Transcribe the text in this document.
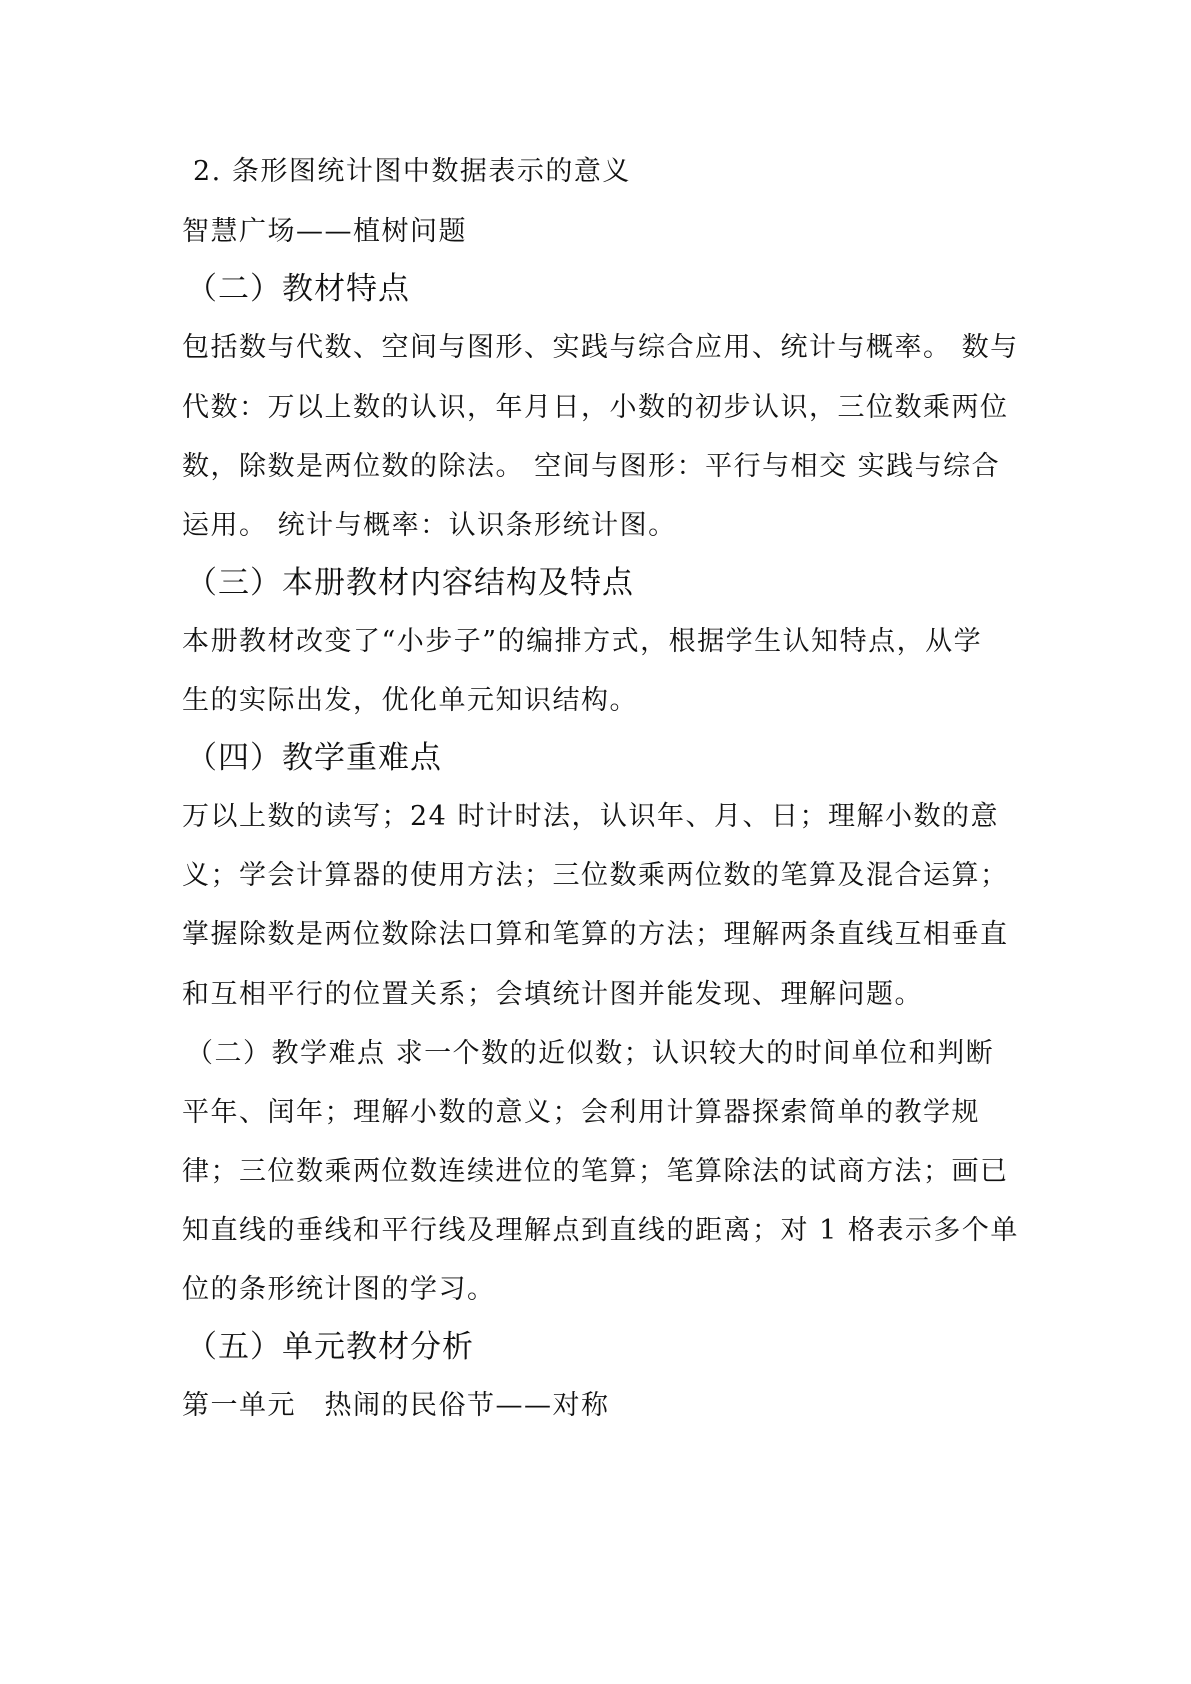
2. 条形图统计图中数据表示的意义
智慧广场——植树问题
（二）教材特点
包括数与代数、空间与图形、实践与综合应用、统计与概率。 数与
代数：万以上数的认识，年月日，小数的初步认识，三位数乘两位
数，除数是两位数的除法。 空间与图形：平行与相交 实践与综合
运用。 统计与概率：认识条形统计图。
（三）本册教材内容结构及特点
本册教材改变了“小步子”的编排方式，根据学生认知特点，从学
生的实际出发，优化单元知识结构。
（四）教学重难点
万以上数的读写；24 时计时法，认识年、月、日；理解小数的意
义；学会计算器的使用方法；三位数乘两位数的笔算及混合运算；
掌握除数是两位数除法口算和笔算的方法；理解两条直线互相垂直
和互相平行的位置关系；会填统计图并能发现、理解问题。
（二）教学难点 求一个数的近似数；认识较大的时间单位和判断
平年、闰年；理解小数的意义；会利用计算器探索简单的教学规
律；三位数乘两位数连续进位的笔算；笔算除法的试商方法；画已
知直线的垂线和平行线及理解点到直线的距离；对 1 格表示多个单
位的条形统计图的学习。
（五）单元教材分析
第一单元　热闹的民俗节——对称
